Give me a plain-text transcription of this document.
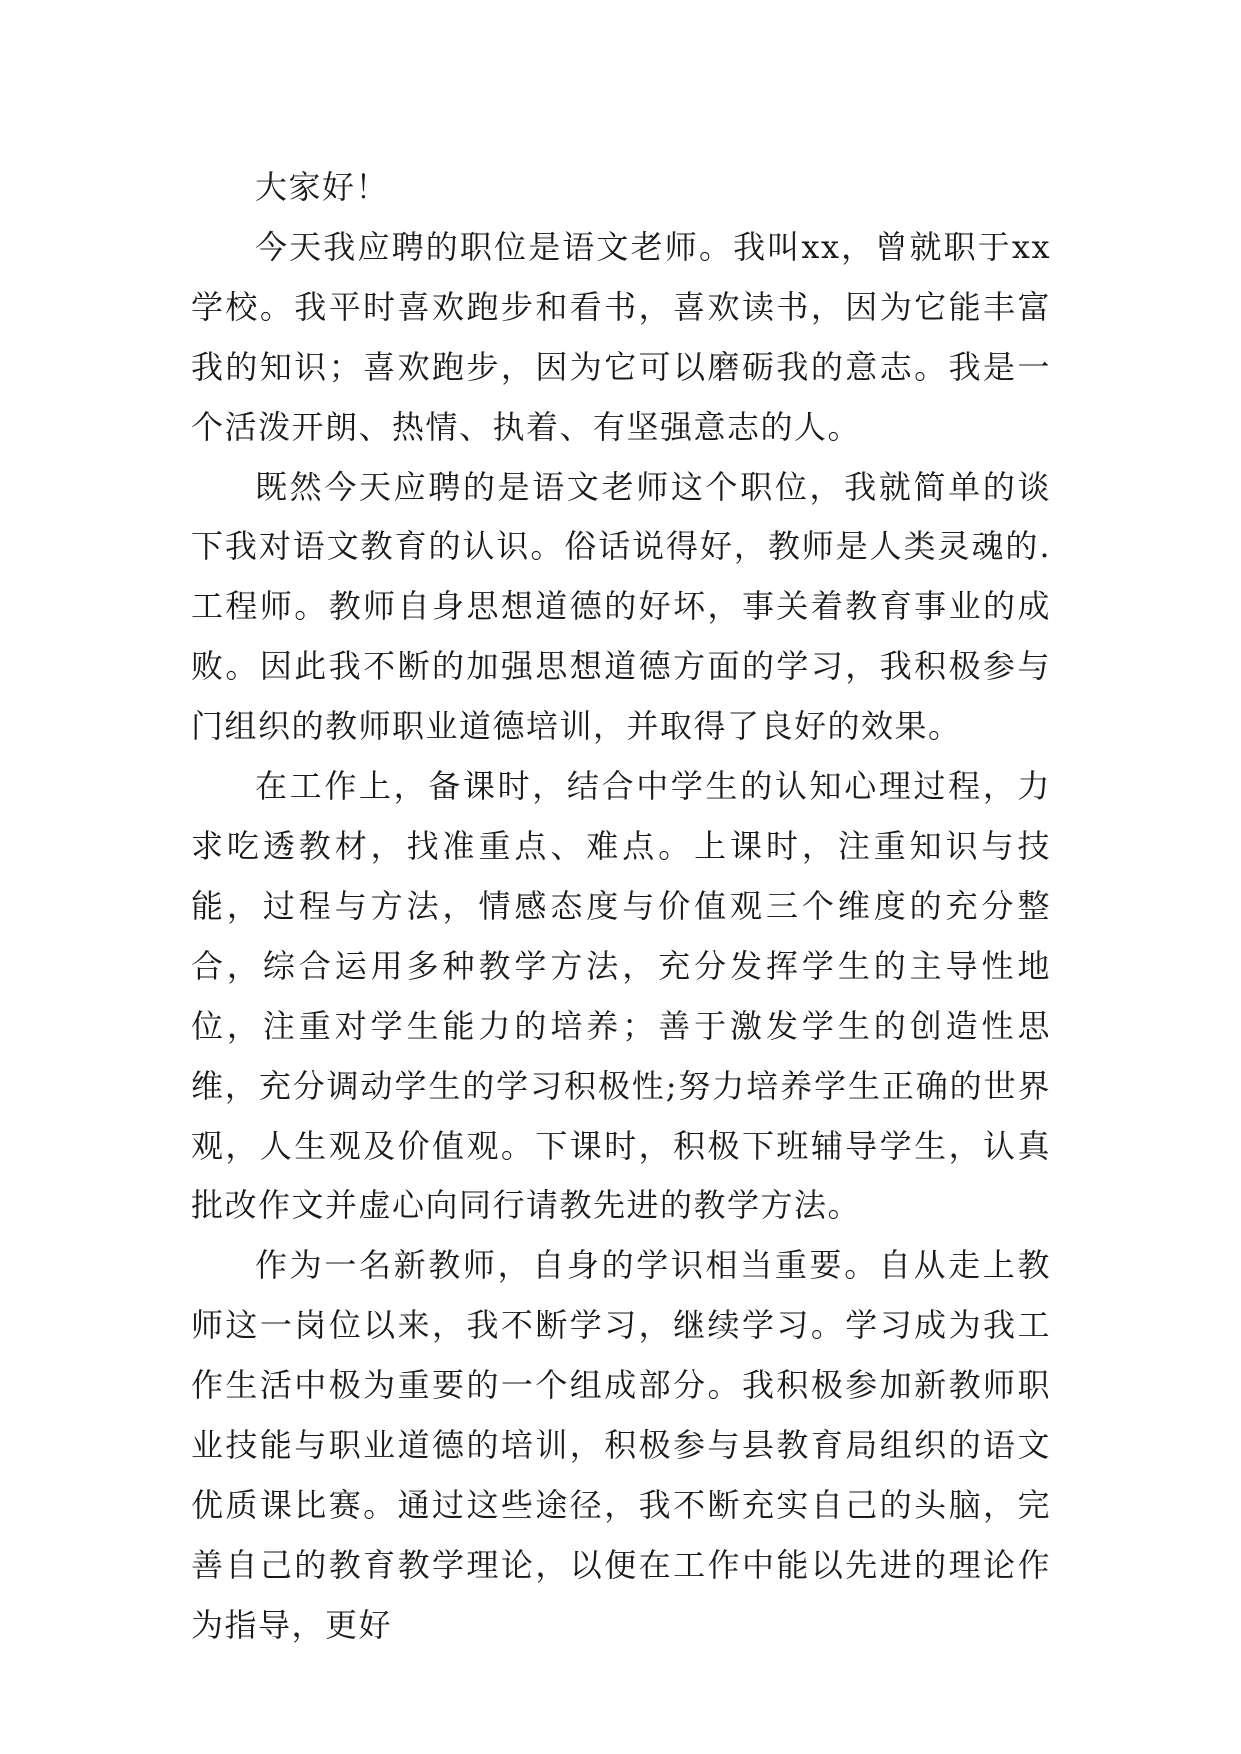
大家好！

今天我应聘的职位是语文老师。我叫xx，曾就职于xx学校。我平时喜欢跑步和看书，喜欢读书，因为它能丰富我的知识；喜欢跑步，因为它可以磨砺我的意志。我是一个活泼开朗、热情、执着、有坚强意志的人。

既然今天应聘的是语文老师这个职位，我就简单的谈下我对语文教育的认识。俗话说得好，教师是人类灵魂的.工程师。教师自身思想道德的好坏，事关着教育事业的成败。因此我不断的加强思想道德方面的学习，我积极参与门组织的教师职业道德培训，并取得了良好的效果。

在工作上，备课时，结合中学生的认知心理过程，力求吃透教材，找准重点、难点。上课时，注重知识与技能，过程与方法，情感态度与价值观三个维度的充分整合，综合运用多种教学方法，充分发挥学生的主导性地位，注重对学生能力的培养；善于激发学生的创造性思维，充分调动学生的学习积极性;努力培养学生正确的世界观，人生观及价值观。下课时，积极下班辅导学生，认真批改作文并虚心向同行请教先进的教学方法。

作为一名新教师，自身的学识相当重要。自从走上教师这一岗位以来，我不断学习，继续学习。学习成为我工作生活中极为重要的一个组成部分。我积极参加新教师职业技能与职业道德的培训，积极参与县教育局组织的语文优质课比赛。通过这些途径，我不断充实自己的头脑，完善自己的教育教学理论，以便在工作中能以先进的理论作为指导，更好
